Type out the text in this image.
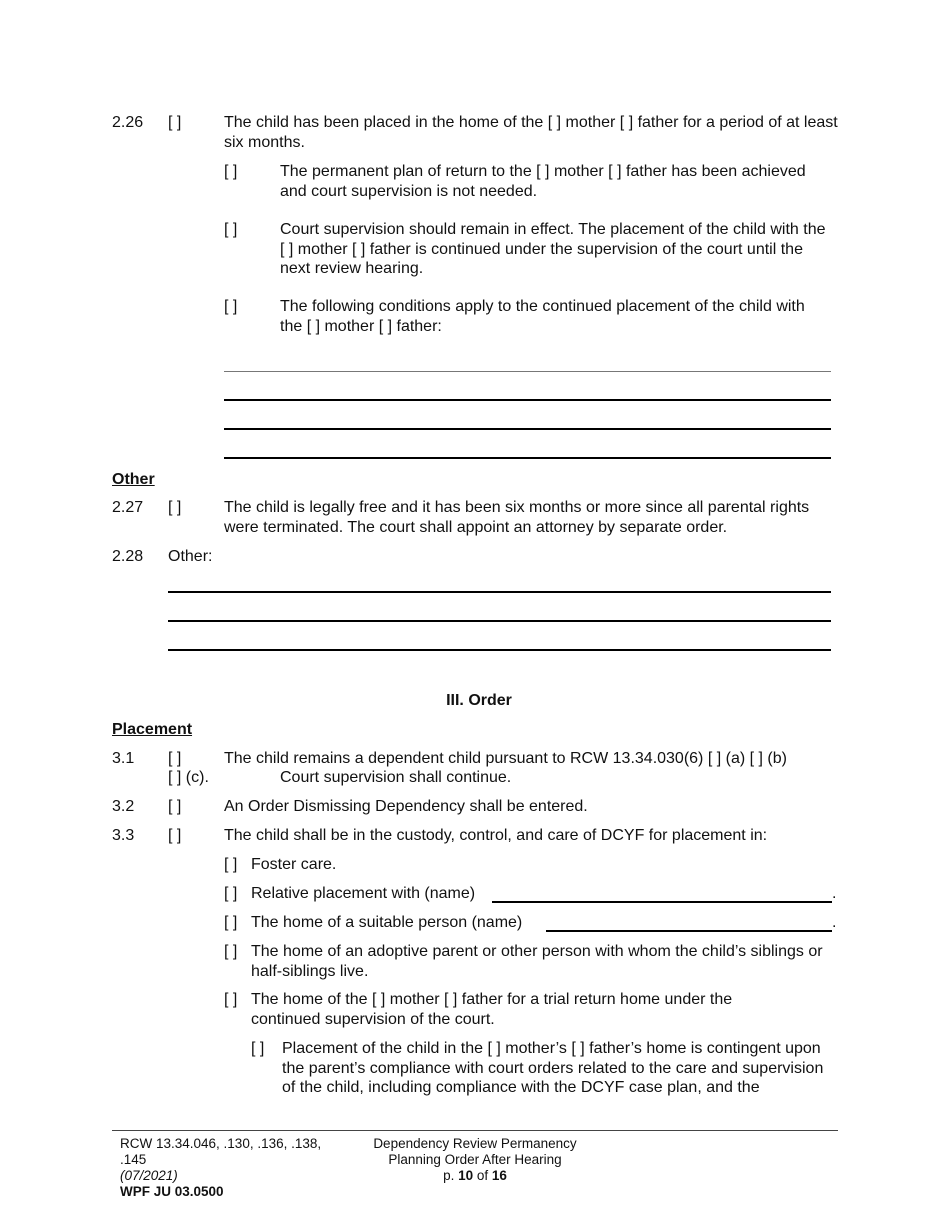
2.26 [ ]	The child has been placed in the home of the [ ] mother [ ] father for a period of at least six months.
[ ]	The permanent plan of return to the [ ] mother [ ] father has been achieved and court supervision is not needed.
[ ]	Court supervision should remain in effect. The placement of the child with the [ ] mother [ ] father is continued under the supervision of the court until the next review hearing.
[ ]	The following conditions apply to the continued placement of the child with the [ ] mother [ ] father:
Other
2.27 [ ]	The child is legally free and it has been six months or more since all parental rights were terminated. The court shall appoint an attorney by separate order.
2.28 Other:
III. Order
Placement
3.1 [ ]	The child remains a dependent child pursuant to RCW 13.34.030(6) [ ] (a) [ ] (b)
[ ] (c).	Court supervision shall continue.
3.2 [ ]	An Order Dismissing Dependency shall be entered.
3.3 [ ]	The child shall be in the custody, control, and care of DCYF for placement in:
[ ] Foster care.
[ ] Relative placement with (name)	.
[ ] The home of a suitable person (name)	.
[ ] The home of an adoptive parent or other person with whom the child’s siblings or half-siblings live.
[ ] The home of the [ ] mother [ ] father for a trial return home under the continued supervision of the court.
[ ] Placement of the child in the [ ] mother’s [ ] father’s home is contingent upon the parent’s compliance with court orders related to the care and supervision of the child, including compliance with the DCYF case plan, and the
RCW 13.34.046, .130, .136, .138, .145
(07/2021)
WPF JU 03.0500
Dependency Review Permanency
Planning Order After Hearing
p. 10 of 16
